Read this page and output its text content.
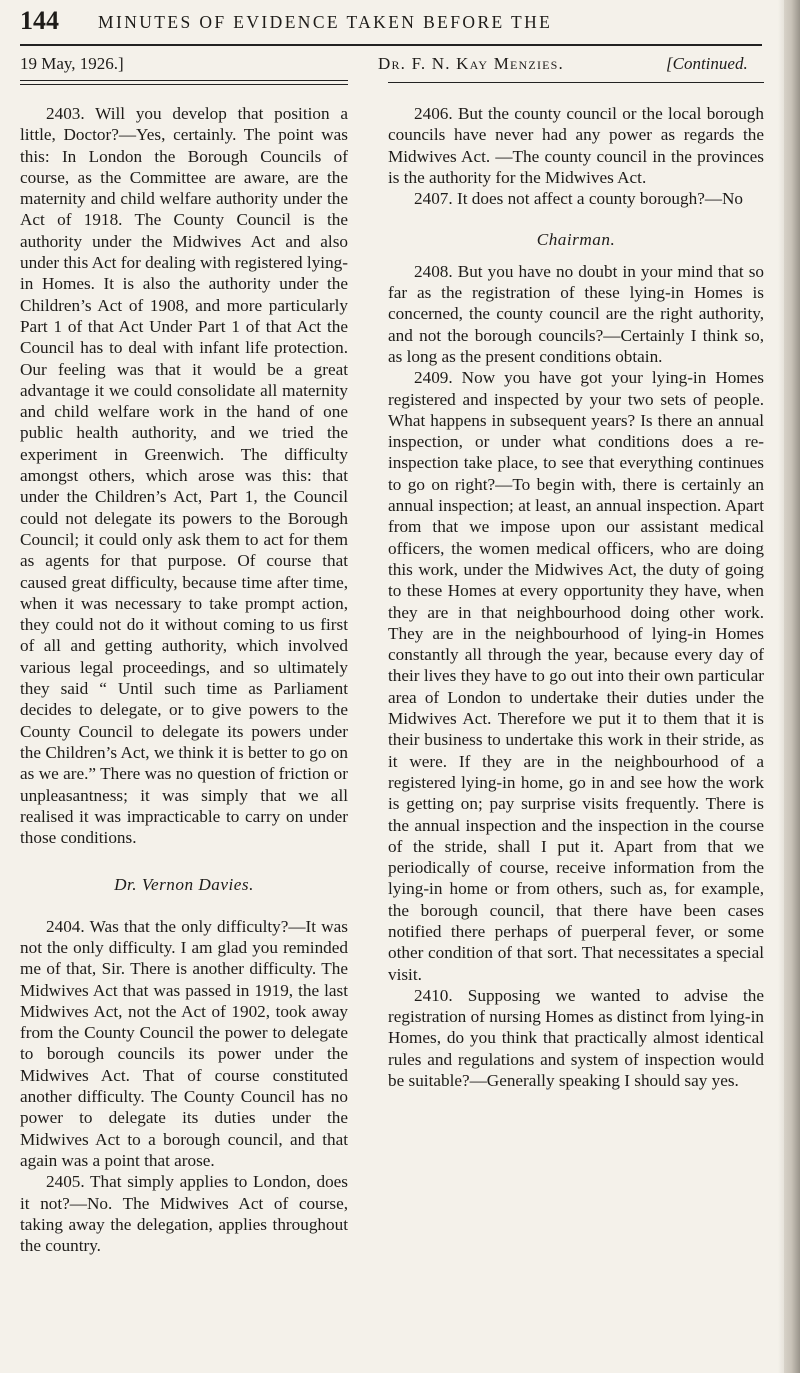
144 MINUTES OF EVIDENCE TAKEN BEFORE THE
19 May, 1926.]	Dr. F. N. Kay Menzies.	[Continued.

2403. Will you develop that position a little, Doctor?—Yes, certainly. The point was this: In London the Borough Councils of course, as the Committee are aware, are the maternity and child welfare authority under the Act of 1918. The County Council is the authority under the Midwives Act and also under this Act for dealing with registered lying-in Homes. It is also the authority under the Children’s Act of 1908, and more particularly Part 1 of that Act Under Part 1 of that Act the Council has to deal with infant life protection. Our feeling was that it would be a great advantage it we could consolidate all maternity and child welfare work in the hand of one public health authority, and we tried the experiment in Greenwich. The difficulty amongst others, which arose was this: that under the Children’s Act, Part 1, the Council could not delegate its powers to the Borough Council; it could only ask them to act for them as agents for that purpose. Of course that caused great difficulty, because time after time, when it was necessary to take prompt action, they could not do it without coming to us first of all and getting authority, which involved various legal proceedings, and so ultimately they said “ Until such time as Parliament decides to delegate, or to give powers to the County Council to delegate its powers under the Children’s Act, we think it is better to go on as we are.” There was no question of friction or unpleasantness; it was simply that we all realised it was impracticable to carry on under those conditions.

Dr. Vernon Davies.

2404. Was that the only difficulty?—It was not the only difficulty. I am glad you reminded me of that, Sir. There is another difficulty. The Midwives Act that was passed in 1919, the last Midwives Act, not the Act of 1902, took away from the County Council the power to delegate to borough councils its power under the Midwives Act. That of course constituted another difficulty. The County Council has no power to delegate its duties under the Midwives Act to a borough council, and that again was a point that arose.

2405. That simply applies to London, does it not?—No. The Midwives Act of course, taking away the delegation, applies throughout the country.

2406. But the county council or the local borough councils have never had any power as regards the Midwives Act. —The county council in the provinces is the authority for the Midwives Act.

2407. It does not affect a county borough?—No

Chairman.

2408. But you have no doubt in your mind that so far as the registration of these lying-in Homes is concerned, the county council are the right authority, and not the borough councils?—Certainly I think so, as long as the present conditions obtain.

2409. Now you have got your lying-in Homes registered and inspected by your two sets of people. What happens in subsequent years? Is there an annual inspection, or under what conditions does a re-inspection take place, to see that everything continues to go on right?—To begin with, there is certainly an annual inspection; at least, an annual inspection. Apart from that we impose upon our assistant medical officers, the women medical officers, who are doing this work, under the Midwives Act, the duty of going to these Homes at every opportunity they have, when they are in that neighbourhood doing other work. They are in the neighbourhood of lying-in Homes constantly all through the year, because every day of their lives they have to go out into their own particular area of London to undertake their duties under the Midwives Act. Therefore we put it to them that it is their business to undertake this work in their stride, as it were. If they are in the neighbourhood of a registered lying-in home, go in and see how the work is getting on; pay surprise visits frequently. There is the annual inspection and the inspection in the course of the stride, shall I put it. Apart from that we periodically of course, receive information from the lying-in home or from others, such as, for example, the borough council, that there have been cases notified there perhaps of puerperal fever, or some other condition of that sort. That necessitates a special visit.

2410. Supposing we wanted to advise the registration of nursing Homes as distinct from lying-in Homes, do you think that practically almost identical rules and regulations and system of inspection would be suitable?—Generally speaking I should say yes.
